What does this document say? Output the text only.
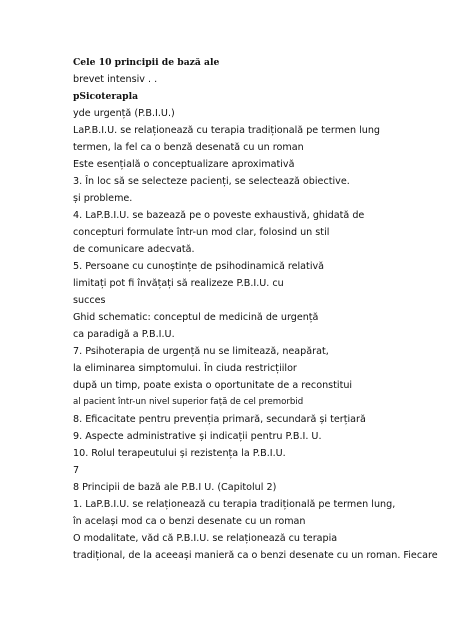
Cele 10 principii de bază ale
brevet intensiv . .
pSicoterapla
yde urgență (P.B.I.U.)
LaP.B.I.U. se relaționează cu terapia tradițională pe termen lung
termen, la fel ca o benză desenată cu un roman
Este esențială o conceptualizare aproximativă
3. În loc să se selecteze pacienți, se selectează obiective.
și probleme.
4. LaP.B.I.U. se bazează pe o poveste exhaustivă, ghidată de
concepturi formulate într-un mod clar, folosind un stil
de comunicare adecvată.
5. Persoane cu cunoștințe de psihodinamică relativă
limitați pot fi învățați să realizeze P.B.I.U. cu
succes
Ghid schematic: conceptul de medicină de urgență
ca paradigă a P.B.I.U.
7. Psihoterapia de urgență nu se limitează, neapărat,
la eliminarea simptomului. În ciuda restricțiilor
după un timp, poate exista o oportunitate de a reconstitui
al pacient într-un nivel superior față de cel premorbid
8. Eficacitate pentru prevenția primară, secundară și terțiară
9. Aspecte administrative și indicații pentru P.B.I. U.
10. Rolul terapeutului și rezistența la P.B.I.U.
7
8 Principii de bază ale P.B.I U. (Capitolul 2)
1. LaP.B.I.U. se relaționează cu terapia tradițională pe termen lung,
în același mod ca o benzi desenate cu un roman
O modalitate, văd că P.B.I.U. se relaționează cu terapia
tradițional, de la aceeași manieră ca o benzi desenate cu un roman. Fiecare
